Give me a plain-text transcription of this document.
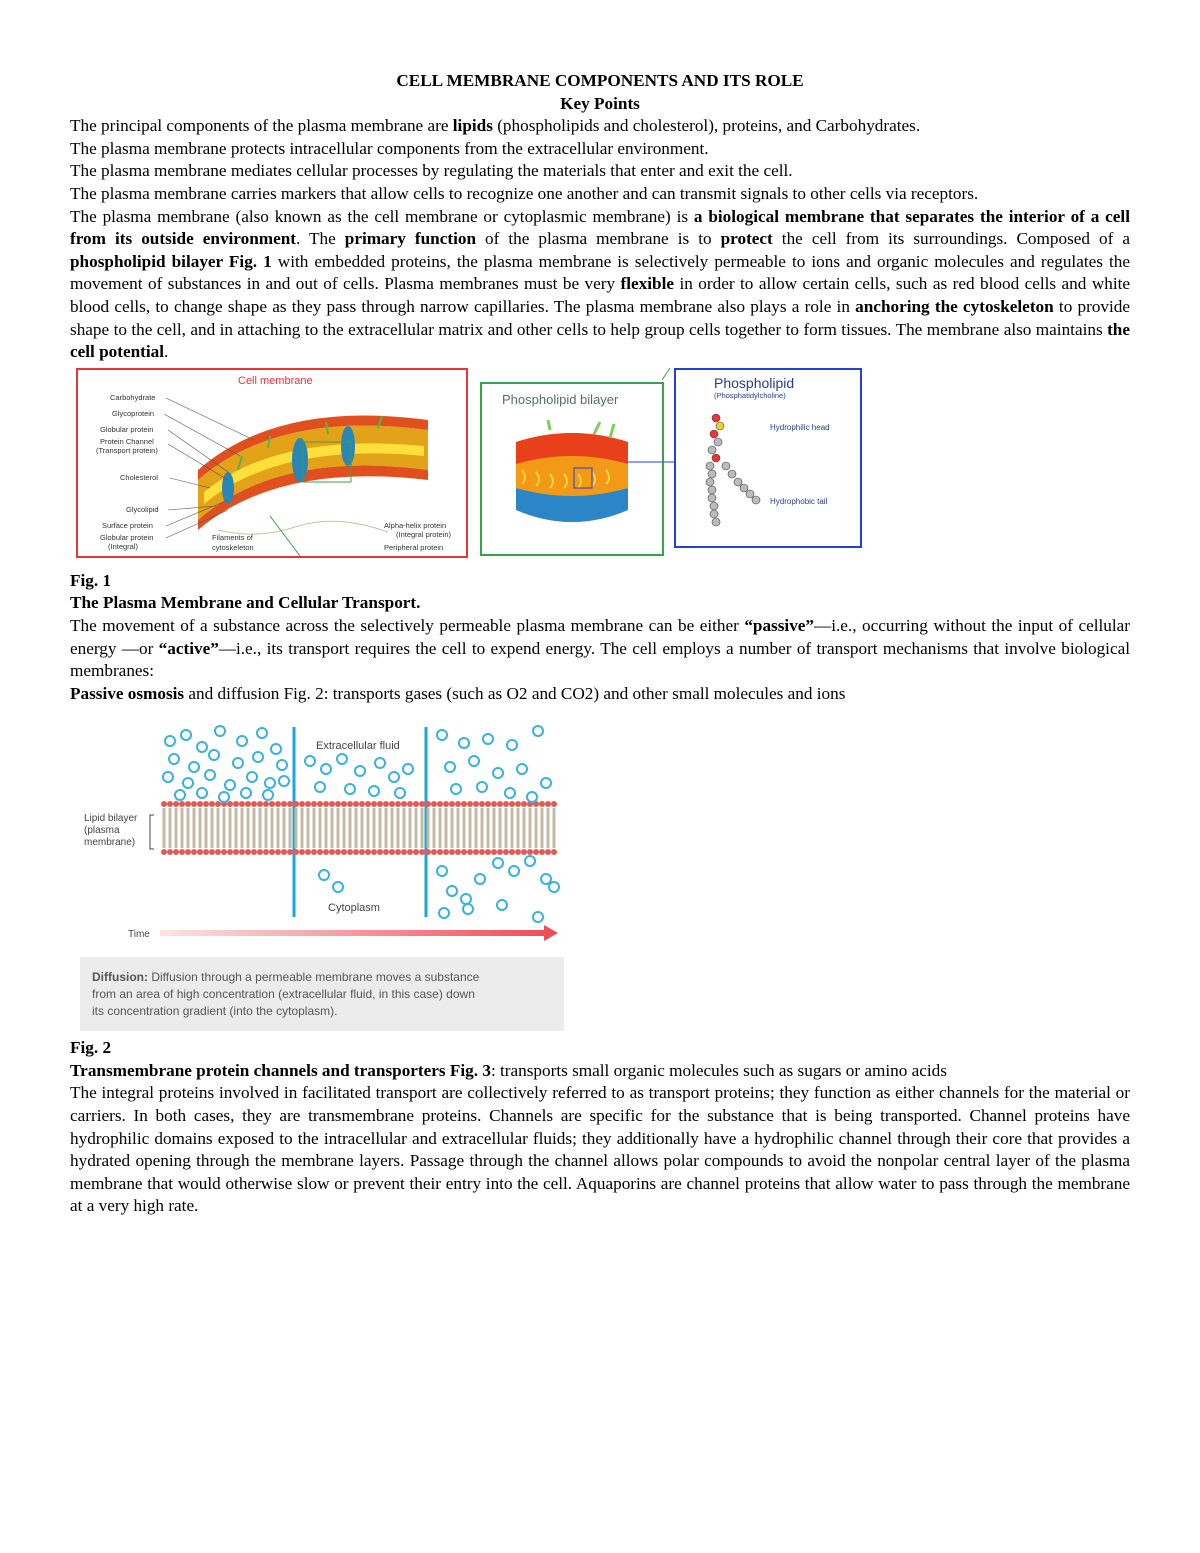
CELL MEMBRANE COMPONENTS AND ITS ROLE

Key Points

The principal components of the plasma membrane are lipids (phospholipids and cholesterol), proteins, and Carbohydrates.

The plasma membrane protects intracellular components from the extracellular environment.

The plasma membrane mediates cellular processes by regulating the materials that enter and exit the cell.

The plasma membrane carries markers that allow cells to recognize one another and can transmit signals to other cells via receptors.

The plasma membrane (also known as the cell membrane or cytoplasmic membrane) is a biological membrane that separates the interior of a cell from its outside environment. The primary function of the plasma membrane is to protect the cell from its surroundings. Composed of a phospholipid bilayer Fig. 1 with embedded proteins, the plasma membrane is selectively permeable to ions and organic molecules and regulates the movement of substances in and out of cells. Plasma membranes must be very flexible in order to allow certain cells, such as red blood cells and white blood cells, to change shape as they pass through narrow capillaries. The plasma membrane also plays a role in anchoring the cytoskeleton to provide shape to the cell, and in attaching to the extracellular matrix and other cells to help group cells together to form tissues. The membrane also maintains the cell potential.

Cell membrane
Carbohydrate
Glycoprotein
Globular protein
Protein Channel
(Transport protein)
Cholesterol
Glycolipid
Surface protein
Globular protein
(Integral)
Filaments of
cytoskeleton
Alpha-helix protein
(Integral protein)
Peripheral protein
Phospholipid bilayer
Phospholipid
(Phosphatidylcholine)
Hydrophilic head
Hydrophobic tail

Fig. 1

The Plasma Membrane and Cellular Transport.

The movement of a substance across the selectively permeable plasma membrane can be either “passive”—i.e., occurring without the input of cellular energy —or “active”—i.e., its transport requires the cell to expend energy. The cell employs a number of transport mechanisms that involve biological membranes:

Passive osmosis and diffusion Fig. 2: transports gases (such as O2 and CO2) and other small molecules and ions

Extracellular fluid
Lipid bilayer
(plasma
membrane)
Cytoplasm
Time
Diffusion: Diffusion through a permeable membrane moves a substance
from an area of high concentration (extracellular fluid, in this case) down
its concentration gradient (into the cytoplasm).

Fig. 2

Transmembrane protein channels and transporters Fig. 3: transports small organic molecules such as sugars or amino acids

The integral proteins involved in facilitated transport are collectively referred to as transport proteins; they function as either channels for the material or carriers. In both cases, they are transmembrane proteins. Channels are specific for the substance that is being transported. Channel proteins have hydrophilic domains exposed to the intracellular and extracellular fluids; they additionally have a hydrophilic channel through their core that provides a hydrated opening through the membrane layers. Passage through the channel allows polar compounds to avoid the nonpolar central layer of the plasma membrane that would otherwise slow or prevent their entry into the cell. Aquaporins are channel proteins that allow water to pass through the membrane at a very high rate.
